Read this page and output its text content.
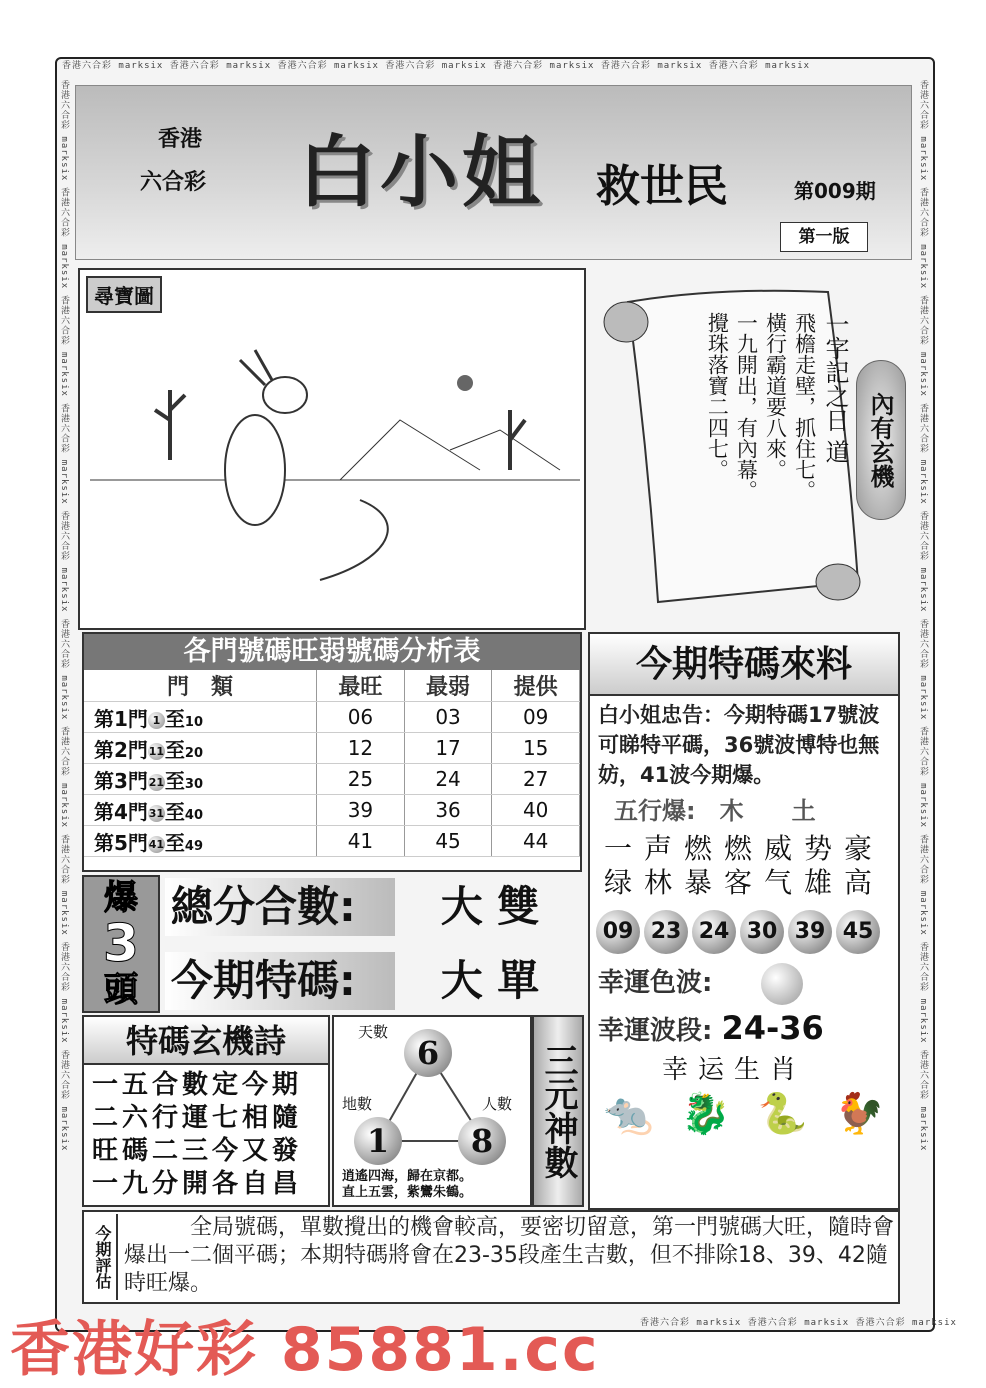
香港六合彩 marksix 香港六合彩 marksix 香港六合彩 marksix 香港六合彩 marksix 香港六合彩 marksix 香港六合彩 marksix 香港六合彩 marksix
香港六合彩 marksix 香港六合彩 marksix 香港六合彩 marksix
香港六合彩 marksix 香港六合彩 marksix 香港六合彩 marksix 香港六合彩 marksix 香港六合彩 marksix 香港六合彩 marksix 香港六合彩 marksix 香港六合彩 marksix 香港六合彩 marksix 香港六合彩 marksix
香港六合彩 marksix 香港六合彩 marksix 香港六合彩 marksix 香港六合彩 marksix 香港六合彩 marksix 香港六合彩 marksix 香港六合彩 marksix 香港六合彩 marksix 香港六合彩 marksix 香港六合彩 marksix
香港
六合彩 白小姐 救世民	第009期
第一版
尋寶圖
一字記之日 道
飛檐走壁，抓住七。
橫行霸道要八來。
一九開出，有內幕。
攪珠落寶二四七。	內有玄機
各門號碼旺弱號碼分析表
門　類	最旺	最弱	提供
第1門 1 至10	06	03	09
第2門11至20	12	17	15
第3門21至30	25	24	27
第4門31至40	39	36	40
第5門41至49	41	45	44
爆
3
頭
總分合數:	大 雙
今期特碼:	大 單
特碼玄機詩
一五合數定今期
二六行運七相隨
旺碼二三今又發
一九分開各自昌
天數
6
地數
1
人數
8
逍遙四海，歸在京都。
直上五雲，紫鸞朱鶴。
三元神數
今期特碼來料
白小姐忠告：今期特碼17號波可睇特平碼，36號波博特也無妨，41波今期爆。
五行爆:　 木　　 土
一声燃燃威势豪
绿林暴客气雄高
09 23 24 30 39 45
幸運色波:
幸運波段: 24-36
幸运生肖
🐀 🐉 🐍 🐓
今期評估	全局號碼，單數攪出的機會較高，要密切留意，第一門號碼大旺，隨時會爆出一二個平碼；本期特碼將會在23-35段產生吉數，但不排除18、39、42隨時旺爆。
香港好彩 85881.cc
